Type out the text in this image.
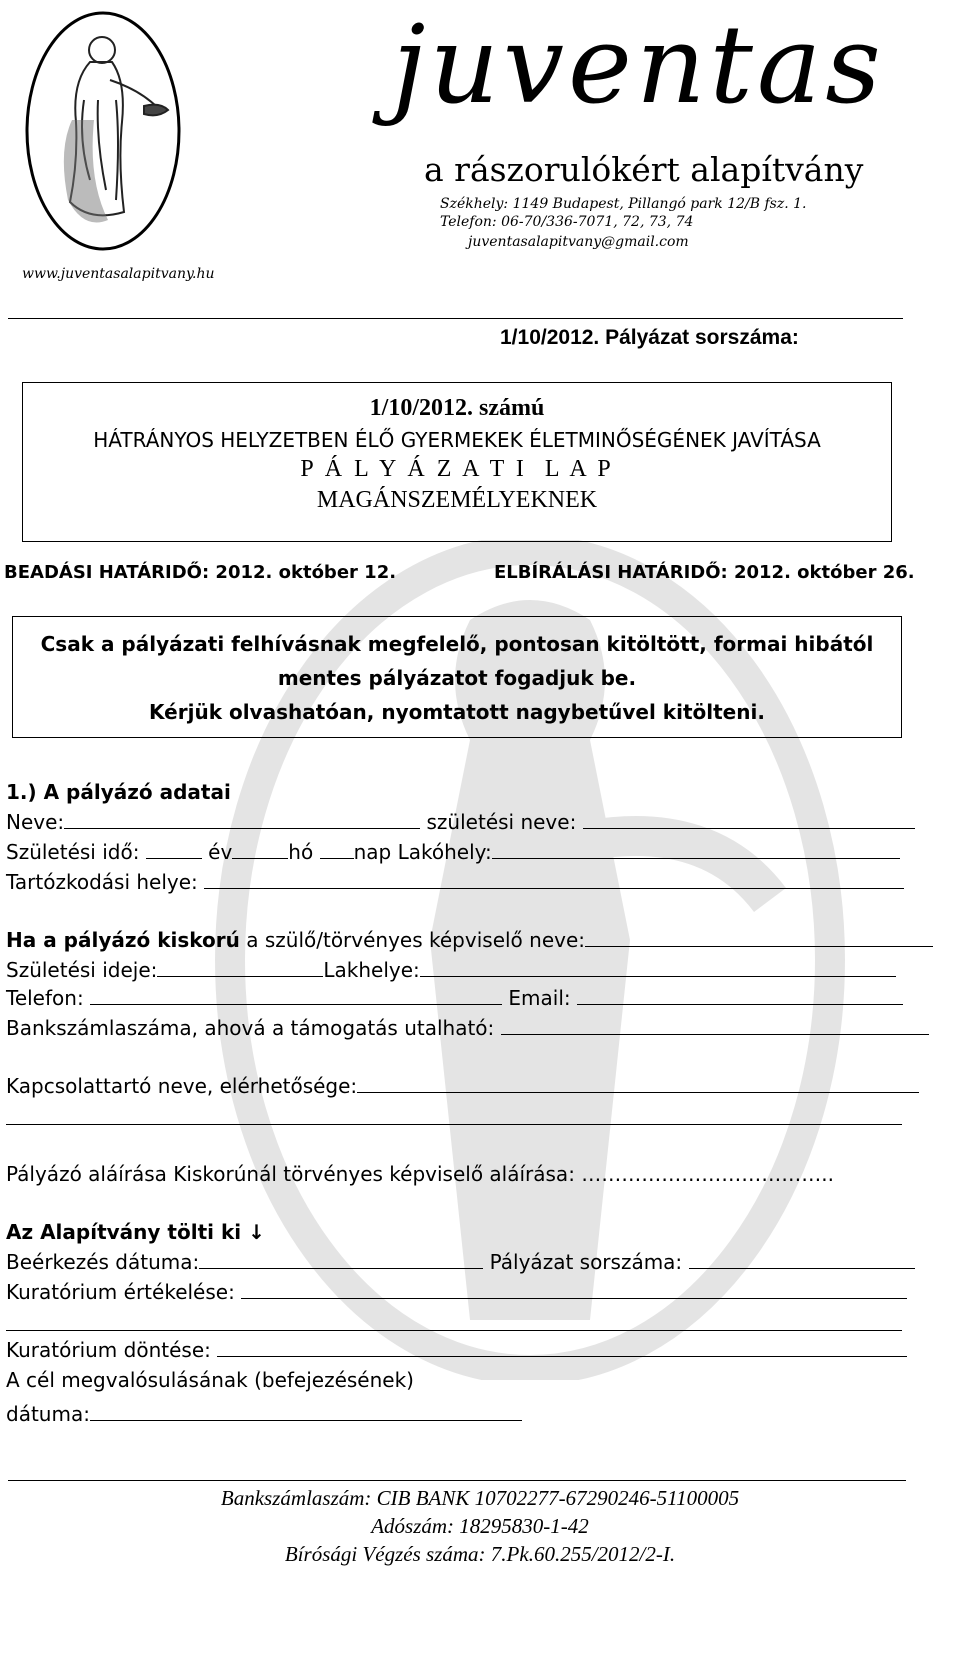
www.juventasalapitvany.hu
juventas
a rászorulókért alapítvány
Székhely: 1149 Budapest, Pillangó park 12/B fsz. 1.
Telefon: 06-70/336-7071, 72, 73, 74
juventasalapitvany@gmail.com
1/10/2012. Pályázat sorszáma:
1/10/2012. számú
HÁTRÁNYOS HELYZETBEN ÉLŐ GYERMEKEK ÉLETMINŐSÉGÉNEK JAVÍTÁSA
P Á L Y Á Z A T I  L A P
MAGÁNSZEMÉLYEKNEK
BEADÁSI HATÁRIDŐ: 2012. október 12.	ELBÍRÁLÁSI HATÁRIDŐ: 2012. október 26.
Csak a pályázati felhívásnak megfelelő, pontosan kitöltött, formai hibától
mentes pályázatot fogadjuk be.
Kérjük olvashatóan, nyomtatott nagybetűvel kitölteni.
1.) A pályázó adatai
Neve:	születési neve:
Születési idő:	év	hó nap Lakóhely:
Tartózkodási helye:
Ha a pályázó kiskorú a szülő/törvényes képviselő neve:
Születési ideje:	Lakhelye:
Telefon:	Email:
Bankszámlaszáma, ahová a támogatás utalható:
Kapcsolattartó neve, elérhetősége:
Pályázó aláírása Kiskorúnál törvényes képviselő aláírása: ………………………………..
Az Alapítvány tölti ki ↓
Beérkezés dátuma:	Pályázat sorszáma:
Kuratórium értékelése:
Kuratórium döntése:
A cél megvalósulásának (befejezésének)
dátuma:
Bankszámlaszám: CIB BANK 10702277-67290246-51100005
Adószám: 18295830-1-42
Bírósági Végzés száma: 7.Pk.60.255/2012/2-I.
